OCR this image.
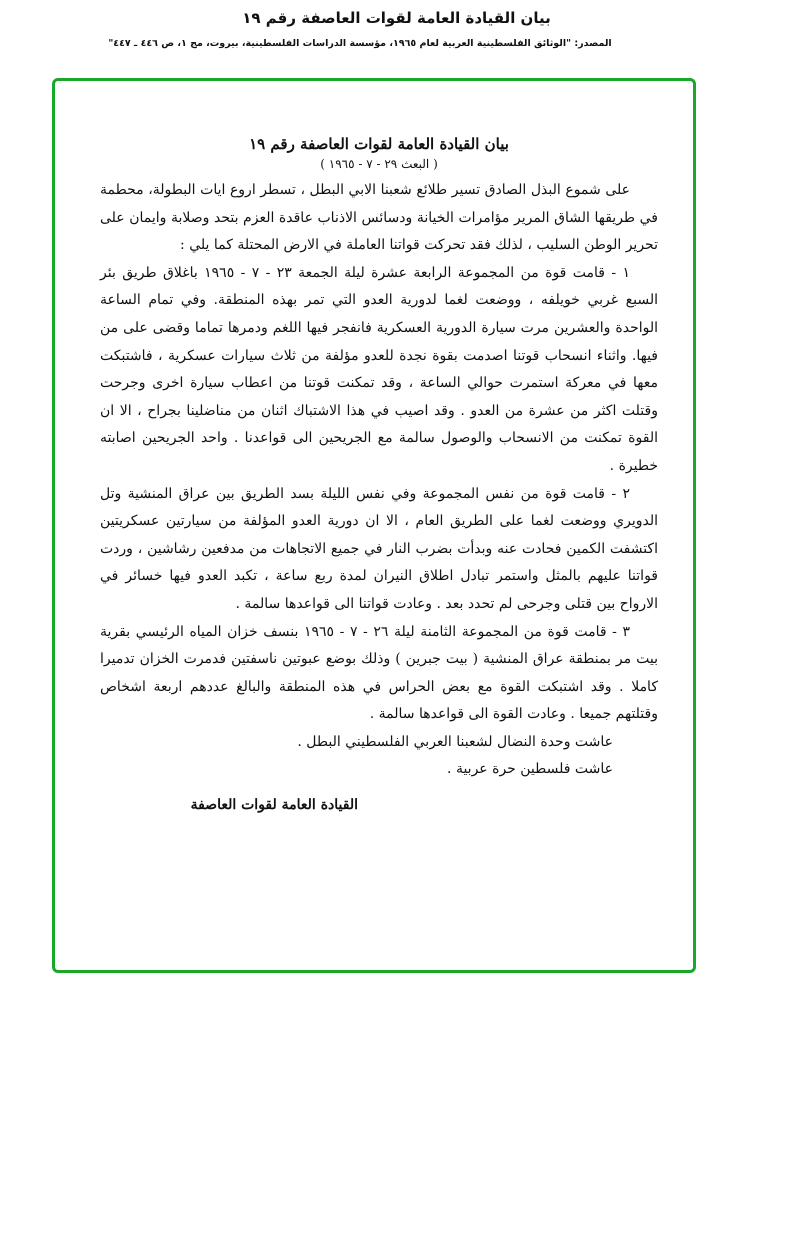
بيان القيادة العامة لقوات العاصفة رقم ١٩
المصدر: "الوثائق الفلسطينية العربية لعام ١٩٦٥، مؤسسة الدراسات الفلسطينية، بيروت، مج ١، ص ٤٤٦ ـ ٤٤٧"

بيان القيادة العامة لقوات العاصفة رقم ١٩

( البعث ٢٩ - ٧ - ١٩٦٥ )

على شموع البذل الصادق تسير طلائع شعبنا الابي البطل ، تسطر اروع ايات البطولة، محطمة في طريقها الشاق المرير مؤامرات الخيانة ودسائس الاذناب عاقدة العزم بتحد وصلابة وايمان على تحرير الوطن السليب ، لذلك فقد تحركت قواتنا العاملة في الارض المحتلة كما يلي :

١ - قامت قوة من المجموعة الرابعة عشرة ليلة الجمعة ٢٣ - ٧ - ١٩٦٥ باغلاق طريق بئر السبع غربي خويلفه ، ووضعت لغما لدورية العدو التي تمر بهذه المنطقة. وفي تمام الساعة الواحدة والعشرين مرت سيارة الدورية العسكرية فانفجر فيها اللغم ودمرها تماما وقضى على من فيها. واثناء انسحاب قوتنا اصدمت بقوة نجدة للعدو مؤلفة من ثلاث سيارات عسكرية ، فاشتبكت معها في معركة استمرت حوالي الساعة ، وقد تمكنت قوتنا من اعطاب سيارة اخرى وجرحت وقتلت اكثر من عشرة من العدو . وقد اصيب في هذا الاشتباك اثنان من مناضلينا بجراح ، الا ان القوة تمكنت من الانسحاب والوصول سالمة مع الجريحين الى قواعدنا . واحد الجريحين اصابته خطيرة .

٢ - قامت قوة من نفس المجموعة وفي نفس الليلة بسد الطريق بين عراق المنشية وتل الدويري ووضعت لغما على الطريق العام ، الا ان دورية العدو المؤلفة من سيارتين عسكريتين اكتشفت الكمين فحادت عنه وبدأت بضرب النار في جميع الاتجاهات من مدفعين رشاشين ، وردت قواتنا عليهم بالمثل واستمر تبادل اطلاق النيران لمدة ربع ساعة ، تكبد العدو فيها خسائر في الارواح بين قتلى وجرحى لم تحدد بعد . وعادت قواتنا الى قواعدها سالمة .

٣ - قامت قوة من المجموعة الثامنة ليلة ٢٦ - ٧ - ١٩٦٥ بنسف خزان المياه الرئيسي بقرية بيت مر بمنطقة عراق المنشية ( بيت جبرين ) وذلك بوضع عبوتين ناسفتين فدمرت الخزان تدميرا كاملا . وقد اشتبكت القوة مع بعض الحراس في هذه المنطقة والبالغ عددهم اربعة اشخاص وقتلتهم جميعا . وعادت القوة الى قواعدها سالمة .

عاشت وحدة النضال لشعبنا العربي الفلسطيني البطل .

عاشت فلسطين حرة عربية .

القيادة العامة لقوات العاصفة
